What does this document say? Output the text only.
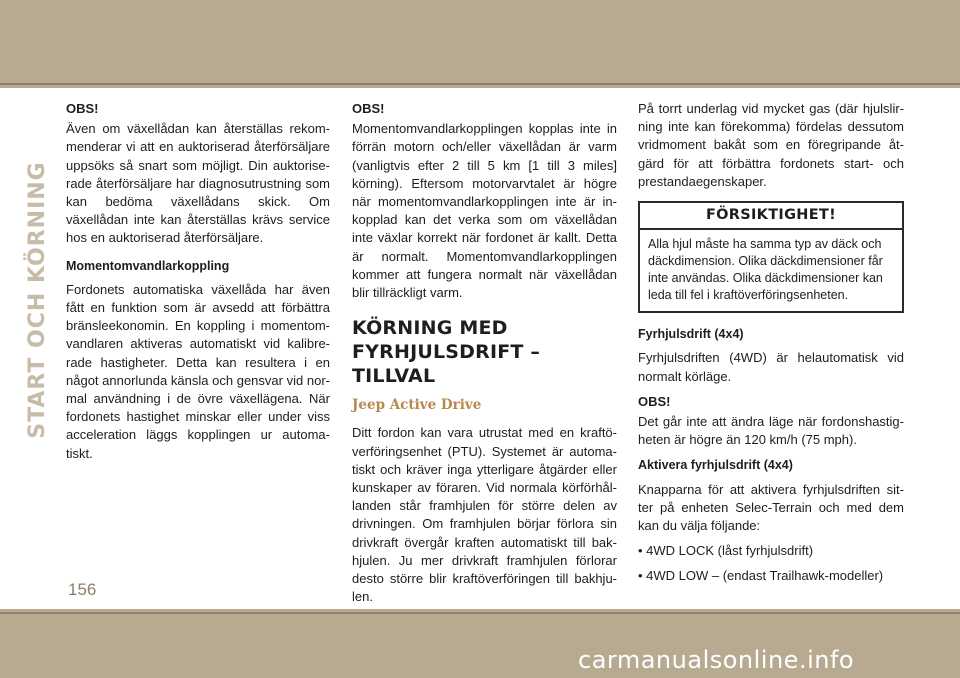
START OCH KÖRNING
OBS!

Även om växellådan kan återställas rekom-menderar vi att en auktoriserad återförsäljare uppsöks så snart som möjligt. Din auktorise-rade återförsäljare har diagnosutrustning som kan bedöma växellådans skick. Om växellådan inte kan återställas krävs service hos en auktoriserad återförsäljare.

Momentomvandlarkoppling

Fordonets automatiska växellåda har även fått en funktion som är avsedd att förbättra bränsleekonomin. En koppling i momentom-vandlaren aktiveras automatiskt vid kalibre-rade hastigheter. Detta kan resultera i en något annorlunda känsla och gensvar vid nor-mal användning i de övre växellägena. När fordonets hastighet minskar eller under viss acceleration läggs kopplingen ur automa-tiskt.

OBS!

Momentomvandlarkopplingen kopplas inte in förrän motorn och/eller växellådan är varm (vanligtvis efter 2 till 5 km [1 till 3 miles] körning). Eftersom motorvarvtalet är högre när momentomvandlarkopplingen inte är in-kopplad kan det verka som om växellådan inte växlar korrekt när fordonet är kallt. Detta är normalt. Momentomvandlarkopplingen kommer att fungera normalt när växellådan blir tillräckligt varm.

KÖRNING MED
FYRHJULSDRIFT – TILLVAL
Jeep Active Drive

Ditt fordon kan vara utrustat med en kraftö-verföringsenhet (PTU). Systemet är automa-tiskt och kräver inga ytterligare åtgärder eller kunskaper av föraren. Vid normala körförhål-landen står framhjulen för större delen av drivningen. Om framhjulen börjar förlora sin drivkraft övergår kraften automatiskt till bak-hjulen. Ju mer drivkraft framhjulen förlorar desto större blir kraftöverföringen till bakhju-len.

På torrt underlag vid mycket gas (där hjulslir-ning inte kan förekomma) fördelas dessutom vridmoment bakåt som en föregripande åt-gärd för att förbättra fordonets start- och prestandaegenskaper.

FÖRSIKTIGHET!
Alla hjul måste ha samma typ av däck och däckdimension. Olika däckdimensioner får inte användas. Olika däckdimensioner kan leda till fel i kraftöverföringsenheten.
Fyrhjulsdrift (4x4)

Fyrhjulsdriften (4WD) är helautomatisk vid normalt körläge.

OBS!

Det går inte att ändra läge när fordonshastig-heten är högre än 120 km/h (75 mph).

Aktivera fyrhjulsdrift (4x4)

Knapparna för att aktivera fyrhjulsdriften sit-ter på enheten Selec-Terrain och med dem kan du välja följande:

• 4WD LOCK (låst fyrhjulsdrift)

• 4WD LOW – (endast Trailhawk-modeller)

156
carmanualsonline.info
